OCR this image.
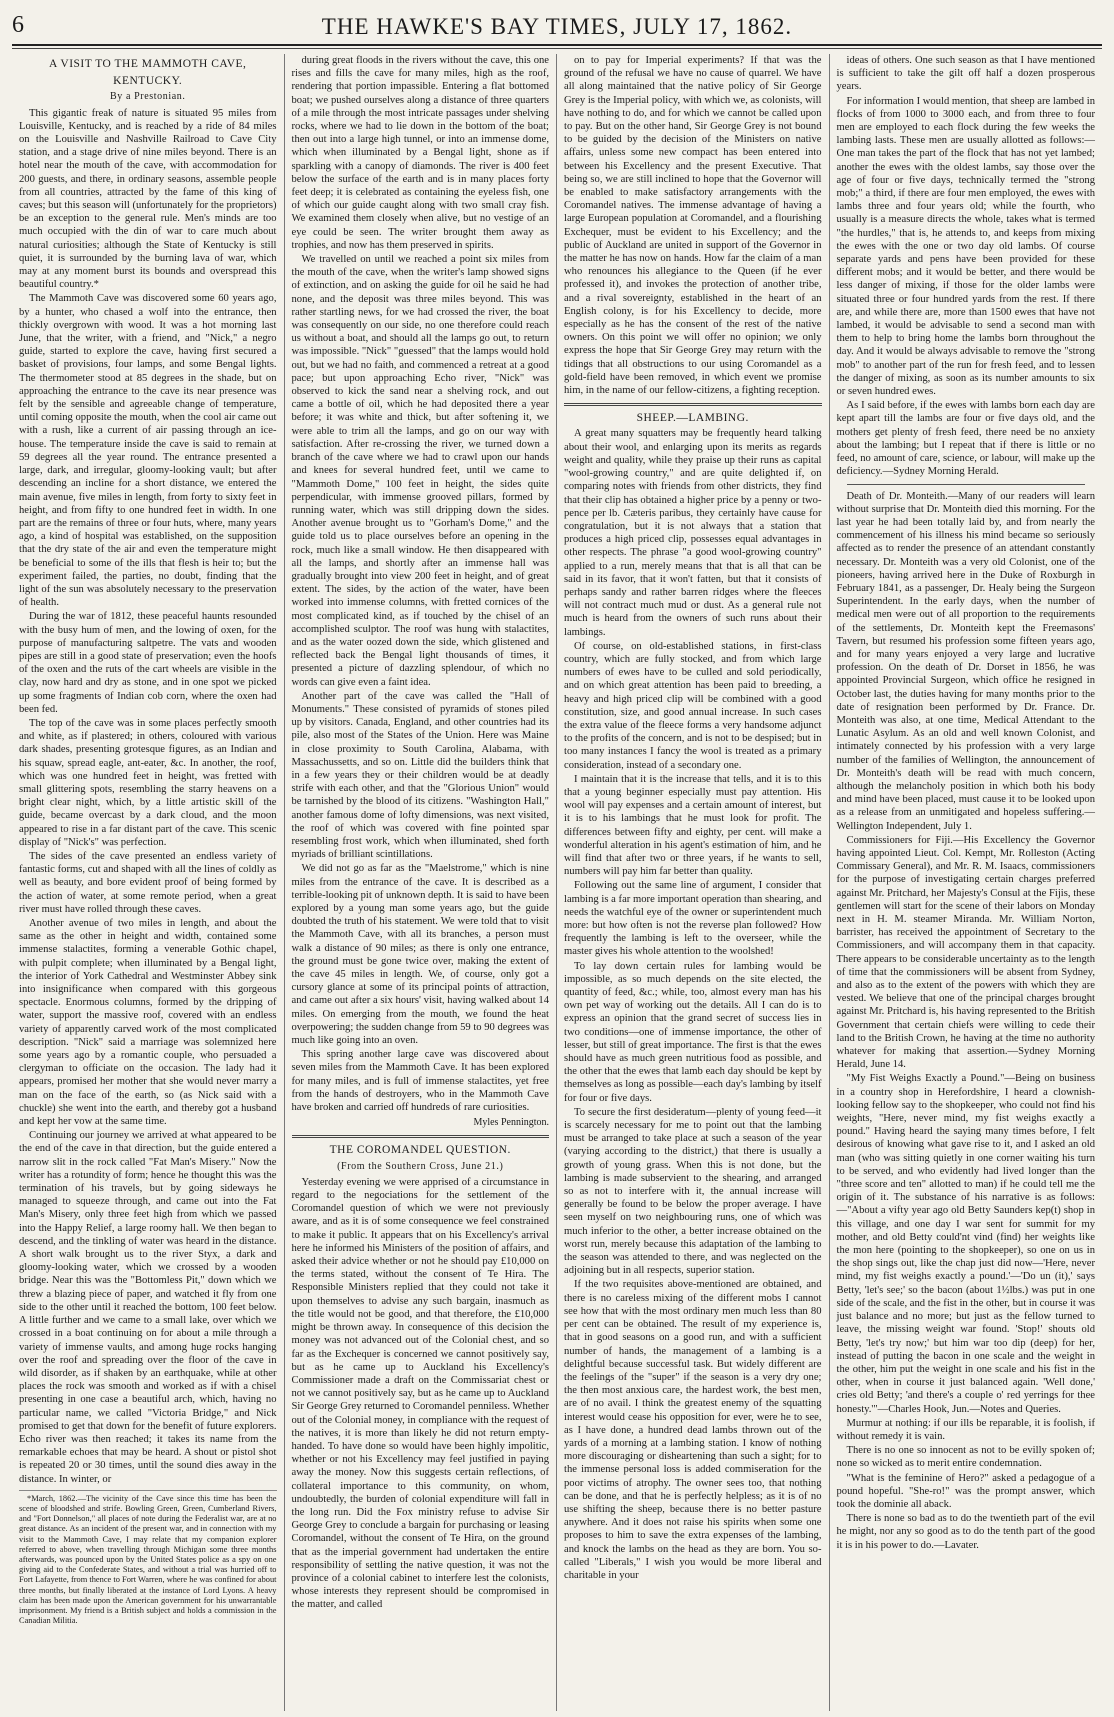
6	THE HAWKE'S BAY TIMES, JULY 17, 1862.
A VISIT TO THE MAMMOTH CAVE,
KENTUCKY.
By a Prestonian.

This gigantic freak of nature is situated 95 miles from Louisville, Kentucky, and is reached by a ride of 84 miles on the Louisville and Nashville Railroad to Cave City station, and a stage drive of nine miles beyond. There is an hotel near the mouth of the cave, with accommodation for 200 guests, and there, in ordinary seasons, assemble people from all countries, attracted by the fame of this king of caves; but this season will (unfortunately for the proprietors) be an exception to the general rule. Men's minds are too much occupied with the din of war to care much about natural curiosities; although the State of Kentucky is still quiet, it is surrounded by the burning lava of war, which may at any moment burst its bounds and overspread this beautiful country.*

The Mammoth Cave was discovered some 60 years ago, by a hunter, who chased a wolf into the entrance, then thickly overgrown with wood. It was a hot morning last June, that the writer, with a friend, and "Nick," a negro guide, started to explore the cave, having first secured a basket of provisions, four lamps, and some Bengal lights. The thermometer stood at 85 degrees in the shade, but on approaching the entrance to the cave its near presence was felt by the sensible and agreeable change of temperature, until coming opposite the mouth, when the cool air came out with a rush, like a current of air passing through an ice-house. The temperature inside the cave is said to remain at 59 degrees all the year round. The entrance presented a large, dark, and irregular, gloomy-looking vault; but after descending an incline for a short distance, we entered the main avenue, five miles in length, from forty to sixty feet in height, and from fifty to one hundred feet in width. In one part are the remains of three or four huts, where, many years ago, a kind of hospital was established, on the supposition that the dry state of the air and even the temperature might be beneficial to some of the ills that flesh is heir to; but the experiment failed, the parties, no doubt, finding that the light of the sun was absolutely necessary to the preservation of health.

During the war of 1812, these peaceful haunts resounded with the busy hum of men, and the lowing of oxen, for the purpose of manufacturing saltpetre. The vats and wooden pipes are still in a good state of preservation; even the hoofs of the oxen and the ruts of the cart wheels are visible in the clay, now hard and dry as stone, and in one spot we picked up some fragments of Indian cob corn, where the oxen had been fed.

The top of the cave was in some places perfectly smooth and white, as if plastered; in others, coloured with various dark shades, presenting grotesque figures, as an Indian and his squaw, spread eagle, ant-eater, &c. In another, the roof, which was one hundred feet in height, was fretted with small glittering spots, resembling the starry heavens on a bright clear night, which, by a little artistic skill of the guide, became overcast by a dark cloud, and the moon appeared to rise in a far distant part of the cave. This scenic display of "Nick's" was perfection.

The sides of the cave presented an endless variety of fantastic forms, cut and shaped with all the lines of coldly as well as beauty, and bore evident proof of being formed by the action of water, at some remote period, when a great river must have rolled through these caves.

Another avenue of two miles in length, and about the same as the other in height and width, contained some immense stalactites, forming a venerable Gothic chapel, with pulpit complete; when illuminated by a Bengal light, the interior of York Cathedral and Westminster Abbey sink into insignificance when compared with this gorgeous spectacle. Enormous columns, formed by the dripping of water, support the massive roof, covered with an endless variety of apparently carved work of the most complicated description. "Nick" said a marriage was solemnized here some years ago by a romantic couple, who persuaded a clergyman to officiate on the occasion. The lady had it appears, promised her mother that she would never marry a man on the face of the earth, so (as Nick said with a chuckle) she went into the earth, and thereby got a husband and kept her vow at the same time.

Continuing our journey we arrived at what appeared to be the end of the cave in that direction, but the guide entered a narrow slit in the rock called "Fat Man's Misery." Now the writer has a rotundity of form; hence he thought this was the termination of his travels, but by going sideways he managed to squeeze through, and came out into the Fat Man's Misery, only three feet high from which we passed into the Happy Relief, a large roomy hall. We then began to descend, and the tinkling of water was heard in the distance. A short walk brought us to the river Styx, a dark and gloomy-looking water, which we crossed by a wooden bridge. Near this was the "Bottomless Pit," down which we threw a blazing piece of paper, and watched it fly from one side to the other until it reached the bottom, 100 feet below. A little further and we came to a small lake, over which we crossed in a boat continuing on for about a mile through a variety of immense vaults, and among huge rocks hanging over the roof and spreading over the floor of the cave in wild disorder, as if shaken by an earthquake, while at other places the rock was smooth and worked as if with a chisel presenting in one case a beautiful arch, which, having no particular name, we called "Victoria Bridge," and Nick promised to get that down for the benefit of future explorers. Echo river was then reached; it takes its name from the remarkable echoes that may be heard. A shout or pistol shot is repeated 20 or 30 times, until the sound dies away in the distance. In winter, or

*March, 1862.—The vicinity of the Cave since this time has been the scene of bloodshed and strife. Bowling Green, Green, Cumberland Rivers, and "Fort Donnelson," all places of note during the Federalist war, are at no great distance. As an incident of the present war, and in connection with my visit to the Mammoth Cave, I may relate that my companion explorer referred to above, when travelling through Michigan some three months afterwards, was pounced upon by the United States police as a spy on one giving aid to the Confederate States, and without a trial was hurried off to Fort Lafayette, from thence to Fort Warren, where he was confined for about three months, but finally liberated at the instance of Lord Lyons. A heavy claim has been made upon the American government for his unwarrantable imprisonment. My friend is a British subject and holds a commission in the Canadian Militia.

during great floods in the rivers without the cave, this one rises and fills the cave for many miles, high as the roof, rendering that portion impassible. Entering a flat bottomed boat; we pushed ourselves along a distance of three quarters of a mile through the most intricate passages under shelving rocks, where we had to lie down in the bottom of the boat; then out into a large high tunnel, or into an immense dome, which when illuminated by a Bengal light, shone as if sparkling with a canopy of diamonds. The river is 400 feet below the surface of the earth and is in many places forty feet deep; it is celebrated as containing the eyeless fish, one of which our guide caught along with two small cray fish. We examined them closely when alive, but no vestige of an eye could be seen. The writer brought them away as trophies, and now has them preserved in spirits.

We travelled on until we reached a point six miles from the mouth of the cave, when the writer's lamp showed signs of extinction, and on asking the guide for oil he said he had none, and the deposit was three miles beyond. This was rather startling news, for we had crossed the river, the boat was consequently on our side, no one therefore could reach us without a boat, and should all the lamps go out, to return was impossible. "Nick" "guessed" that the lamps would hold out, but we had no faith, and commenced a retreat at a good pace; but upon approaching Echo river, "Nick" was observed to kick the sand near a shelving rock, and out came a bottle of oil, which he had deposited there a year before; it was white and thick, but after softening it, we were able to trim all the lamps, and go on our way with satisfaction. After re-crossing the river, we turned down a branch of the cave where we had to crawl upon our hands and knees for several hundred feet, until we came to "Mammoth Dome," 100 feet in height, the sides quite perpendicular, with immense grooved pillars, formed by running water, which was still dripping down the sides. Another avenue brought us to "Gorham's Dome," and the guide told us to place ourselves before an opening in the rock, much like a small window. He then disappeared with all the lamps, and shortly after an immense hall was gradually brought into view 200 feet in height, and of great extent. The sides, by the action of the water, have been worked into immense columns, with fretted cornices of the most complicated kind, as if touched by the chisel of an accomplished sculptor. The roof was hung with stalactites, and as the water oozed down the side, which glistened and reflected back the Bengal light thousands of times, it presented a picture of dazzling splendour, of which no words can give even a faint idea.

Another part of the cave was called the "Hall of Monuments." These consisted of pyramids of stones piled up by visitors. Canada, England, and other countries had its pile, also most of the States of the Union. Here was Maine in close proximity to South Carolina, Alabama, with Massachussetts, and so on. Little did the builders think that in a few years they or their children would be at deadly strife with each other, and that the "Glorious Union" would be tarnished by the blood of its citizens. "Washington Hall," another famous dome of lofty dimensions, was next visited, the roof of which was covered with fine pointed spar resembling frost work, which when illuminated, shed forth myriads of brilliant scintillations.

We did not go as far as the "Maelstrome," which is nine miles from the entrance of the cave. It is described as a terrible-looking pit of unknown depth. It is said to have been explored by a young man some years ago, but the guide doubted the truth of his statement. We were told that to visit the Mammoth Cave, with all its branches, a person must walk a distance of 90 miles; as there is only one entrance, the ground must be gone twice over, making the extent of the cave 45 miles in length. We, of course, only got a cursory glance at some of its principal points of attraction, and came out after a six hours' visit, having walked about 14 miles. On emerging from the mouth, we found the heat overpowering; the sudden change from 59 to 90 degrees was much like going into an oven.

This spring another large cave was discovered about seven miles from the Mammoth Cave. It has been explored for many miles, and is full of immense stalactites, yet free from the hands of destroyers, who in the Mammoth Cave have broken and carried off hundreds of rare curiosities.

Myles Pennington.
THE COROMANDEL QUESTION.
(From the Southern Cross, June 21.)

Yesterday evening we were apprised of a circumstance in regard to the negociations for the settlement of the Coromandel question of which we were not previously aware, and as it is of some consequence we feel constrained to make it public. It appears that on his Excellency's arrival here he informed his Ministers of the position of affairs, and asked their advice whether or not he should pay £10,000 on the terms stated, without the consent of Te Hira. The Responsible Ministers replied that they could not take it upon themselves to advise any such bargain, inasmuch as the title would not be good, and that therefore, the £10,000 might be thrown away. In consequence of this decision the money was not advanced out of the Colonial chest, and so far as the Exchequer is concerned we cannot positively say, but as he came up to Auckland his Excellency's Commissioner made a draft on the Commissariat chest or not we cannot positively say, but as he came up to Auckland Sir George Grey returned to Coromandel penniless. Whether out of the Colonial money, in compliance with the request of the natives, it is more than likely he did not return empty-handed. To have done so would have been highly impolitic, whether or not his Excellency may feel justified in paying away the money. Now this suggests certain reflections, of collateral importance to this community, on whom, undoubtedly, the burden of colonial expenditure will fall in the long run. Did the Fox ministry refuse to advise Sir George Grey to conclude a bargain for purchasing or leasing Coromandel, without the consent of Te Hira, on the ground that as the imperial government had undertaken the entire responsibility of settling the native question, it was not the province of a colonial cabinet to interfere lest the colonists, whose interests they represent should be compromised in the matter, and called

on to pay for Imperial experiments? If that was the ground of the refusal we have no cause of quarrel. We have all along maintained that the native policy of Sir George Grey is the Imperial policy, with which we, as colonists, will have nothing to do, and for which we cannot be called upon to pay. But on the other hand, Sir George Grey is not bound to be guided by the decision of the Ministers on native affairs, unless some new compact has been entered into between his Excellency and the present Executive. That being so, we are still inclined to hope that the Governor will be enabled to make satisfactory arrangements with the Coromandel natives. The immense advantage of having a large European population at Coromandel, and a flourishing Exchequer, must be evident to his Excellency; and the public of Auckland are united in support of the Governor in the matter he has now on hands. How far the claim of a man who renounces his allegiance to the Queen (if he ever professed it), and invokes the protection of another tribe, and a rival sovereignty, established in the heart of an English colony, is for his Excellency to decide, more especially as he has the consent of the rest of the native owners. On this point we will offer no opinion; we only express the hope that Sir George Grey may return with the tidings that all obstructions to our using Coromandel as a gold-field have been removed, in which event we promise him, in the name of our fellow-citizens, a fighting reception.

SHEEP.—LAMBING.

A great many squatters may be frequently heard talking about their wool, and enlarging upon its merits as regards weight and quality, while they praise up their runs as capital "wool-growing country," and are quite delighted if, on comparing notes with friends from other districts, they find that their clip has obtained a higher price by a penny or two-pence per lb. Cæteris paribus, they certainly have cause for congratulation, but it is not always that a station that produces a high priced clip, possesses equal advantages in other respects. The phrase "a good wool-growing country" applied to a run, merely means that that is all that can be said in its favor, that it won't fatten, but that it consists of perhaps sandy and rather barren ridges where the fleeces will not contract much mud or dust. As a general rule not much is heard from the owners of such runs about their lambings.

Of course, on old-established stations, in first-class country, which are fully stocked, and from which large numbers of ewes have to be culled and sold periodically, and on which great attention has been paid to breeding, a heavy and high priced clip will be combined with a good constitution, size, and good annual increase. In such cases the extra value of the fleece forms a very handsome adjunct to the profits of the concern, and is not to be despised; but in too many instances I fancy the wool is treated as a primary consideration, instead of a secondary one.

I maintain that it is the increase that tells, and it is to this that a young beginner especially must pay attention. His wool will pay expenses and a certain amount of interest, but it is to his lambings that he must look for profit. The differences between fifty and eighty, per cent. will make a wonderful alteration in his agent's estimation of him, and he will find that after two or three years, if he wants to sell, numbers will pay him far better than quality.

Following out the same line of argument, I consider that lambing is a far more important operation than shearing, and needs the watchful eye of the owner or superintendent much more: but how often is not the reverse plan followed? How frequently the lambing is left to the overseer, while the master gives his whole attention to the woolshed!

To lay down certain rules for lambing would be impossible, as so much depends on the site elected, the quantity of feed, &c.; while, too, almost every man has his own pet way of working out the details. All I can do is to express an opinion that the grand secret of success lies in two conditions—one of immense importance, the other of lesser, but still of great importance. The first is that the ewes should have as much green nutritious food as possible, and the other that the ewes that lamb each day should be kept by themselves as long as possible—each day's lambing by itself for four or five days.

To secure the first desideratum—plenty of young feed—it is scarcely necessary for me to point out that the lambing must be arranged to take place at such a season of the year (varying according to the district,) that there is usually a growth of young grass. When this is not done, but the lambing is made subservient to the shearing, and arranged so as not to interfere with it, the annual increase will generally be found to be below the proper average. I have seen myself on two neighbouring runs, one of which was much inferior to the other, a better increase obtained on the worst run, merely because this adaptation of the lambing to the season was attended to there, and was neglected on the adjoining but in all respects, superior station.

If the two requisites above-mentioned are obtained, and there is no careless mixing of the different mobs I cannot see how that with the most ordinary men much less than 80 per cent can be obtained. The result of my experience is, that in good seasons on a good run, and with a sufficient number of hands, the management of a lambing is a delightful because successful task. But widely different are the feelings of the "super" if the season is a very dry one; the then most anxious care, the hardest work, the best men, are of no avail. I think the greatest enemy of the squatting interest would cease his opposition for ever, were he to see, as I have done, a hundred dead lambs thrown out of the yards of a morning at a lambing station. I know of nothing more discouraging or disheartening than such a sight; for to the immense personal loss is added commiseration for the poor victims of atrophy. The owner sees too, that nothing can be done, and that he is perfectly helpless; as it is of no use shifting the sheep, because there is no better pasture anywhere. And it does not raise his spirits when some one proposes to him to save the extra expenses of the lambing, and knock the lambs on the head as they are born. You so-called "Liberals," I wish you would be more liberal and charitable in your

ideas of others. One such season as that I have mentioned is sufficient to take the gilt off half a dozen prosperous years.

For information I would mention, that sheep are lambed in flocks of from 1000 to 3000 each, and from three to four men are employed to each flock during the few weeks the lambing lasts. These men are usually allotted as follows:—One man takes the part of the flock that has not yet lambed; another the ewes with the oldest lambs, say those over the age of four or five days, technically termed the "strong mob;" a third, if there are four men employed, the ewes with lambs three and four years old; while the fourth, who usually is a measure directs the whole, takes what is termed "the hurdles," that is, he attends to, and keeps from mixing the ewes with the one or two day old lambs. Of course separate yards and pens have been provided for these different mobs; and it would be better, and there would be less danger of mixing, if those for the older lambs were situated three or four hundred yards from the rest. If there are, and while there are, more than 1500 ewes that have not lambed, it would be advisable to send a second man with them to help to bring home the lambs born throughout the day. And it would be always advisable to remove the "strong mob" to another part of the run for fresh feed, and to lessen the danger of mixing, as soon as its number amounts to six or seven hundred ewes.

As I said before, if the ewes with lambs born each day are kept apart till the lambs are four or five days old, and the mothers get plenty of fresh feed, there need be no anxiety about the lambing; but I repeat that if there is little or no feed, no amount of care, science, or labour, will make up the deficiency.—Sydney Morning Herald.

Death of Dr. Monteith.—Many of our readers will learn without surprise that Dr. Monteith died this morning. For the last year he had been totally laid by, and from nearly the commencement of his illness his mind became so seriously affected as to render the presence of an attendant constantly necessary. Dr. Monteith was a very old Colonist, one of the pioneers, having arrived here in the Duke of Roxburgh in February 1841, as a passenger, Dr. Healy being the Surgeon Superintendent. In the early days, when the number of medical men were out of all proportion to the requirements of the settlements, Dr. Monteith kept the Freemasons' Tavern, but resumed his profession some fifteen years ago, and for many years enjoyed a very large and lucrative profession. On the death of Dr. Dorset in 1856, he was appointed Provincial Surgeon, which office he resigned in October last, the duties having for many months prior to the date of resignation been performed by Dr. France. Dr. Monteith was also, at one time, Medical Attendant to the Lunatic Asylum. As an old and well known Colonist, and intimately connected by his profession with a very large number of the families of Wellington, the announcement of Dr. Monteith's death will be read with much concern, although the melancholy position in which both his body and mind have been placed, must cause it to be looked upon as a release from an unmitigated and hopeless suffering.—Wellington Independent, July 1.

Commissioners for Fiji.—His Excellency the Governor having appointed Lieut. Col. Kempt, Mr. Rolleston (Acting Commissary General), and Mr. R. M. Isaacs, commissioners for the purpose of investigating certain charges preferred against Mr. Pritchard, her Majesty's Consul at the Fijis, these gentlemen will start for the scene of their labors on Monday next in H. M. steamer Miranda. Mr. William Norton, barrister, has received the appointment of Secretary to the Commissioners, and will accompany them in that capacity. There appears to be considerable uncertainty as to the length of time that the commissioners will be absent from Sydney, and also as to the extent of the powers with which they are vested. We believe that one of the principal charges brought against Mr. Pritchard is, his having represented to the British Government that certain chiefs were willing to cede their land to the British Crown, he having at the time no authority whatever for making that assertion.—Sydney Morning Herald, June 14.

"My Fist Weighs Exactly a Pound."—Being on business in a country shop in Herefordshire, I heard a clownish-looking fellow say to the shopkeeper, who could not find his weights, "Here, never mind, my fist weighs exactly a pound." Having heard the saying many times before, I felt desirous of knowing what gave rise to it, and I asked an old man (who was sitting quietly in one corner waiting his turn to be served, and who evidently had lived longer than the "three score and ten" allotted to man) if he could tell me the origin of it. The substance of his narrative is as follows:—"About a vifty year ago old Betty Saunders kep(t) shop in this village, and one day I war sent for summit for my mother, and old Betty could'nt vind (find) her weights like the mon here (pointing to the shopkeeper), so one on us in the shop sings out, like the chap just did now—'Here, never mind, my fist weighs exactly a pound.'—'Do un (it),' says Betty, 'let's see;' so the bacon (about 1½lbs.) was put in one side of the scale, and the fist in the other, but in course it was just balance and no more; but just as the fellow turned to leave, the missing weight war found. 'Stop!' shouts old Betty, 'let's try now;' but him war too dip (deep) for her, instead of putting the bacon in one scale and the weight in the other, him put the weight in one scale and his fist in the other, when in course it just balanced again. 'Well done,' cries old Betty; 'and there's a couple o' red yerrings for thee honesty.'"—Charles Hook, Jun.—Notes and Queries.

Murmur at nothing: if our ills be reparable, it is foolish, if without remedy it is vain.

There is no one so innocent as not to be evilly spoken of; none so wicked as to merit entire condemnation.

"What is the feminine of Hero?" asked a pedagogue of a pound hopeful. "She-ro!" was the prompt answer, which took the dominie all aback.

There is none so bad as to do the twentieth part of the evil he might, nor any so good as to do the tenth part of the good it is in his power to do.—Lavater.
